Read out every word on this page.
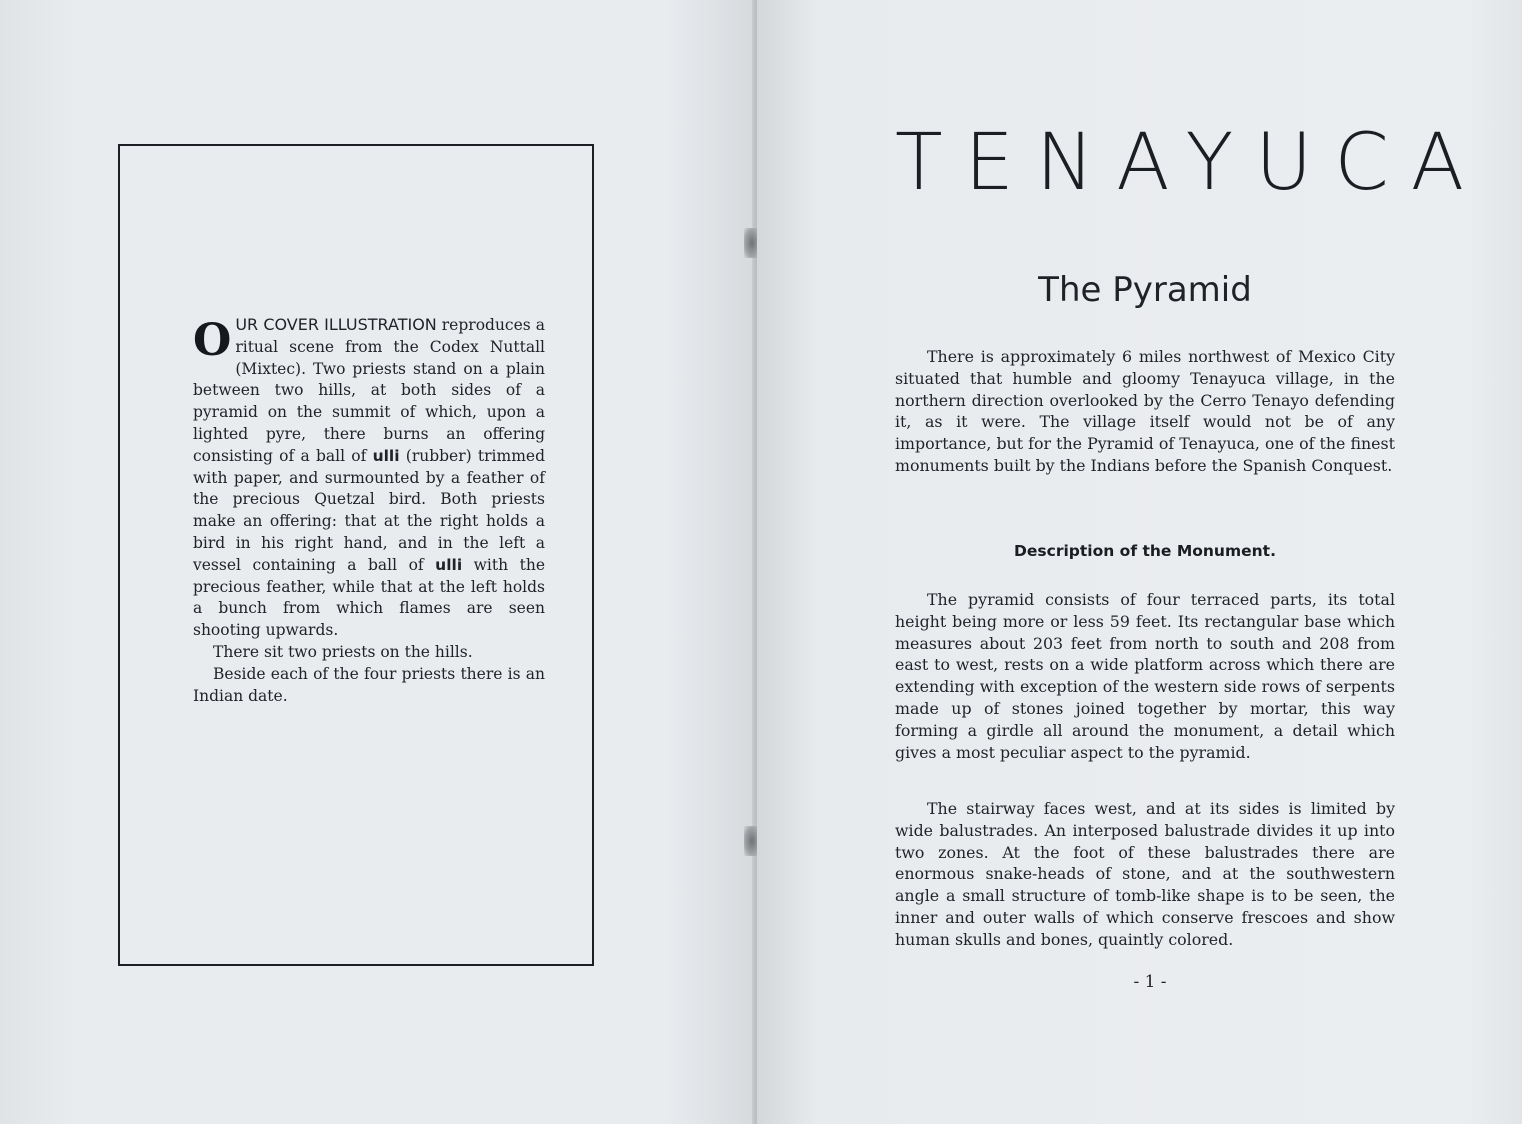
OUR COVER ILLUSTRATION reproduces a ritual scene from the Codex Nuttall (Mixtec). Two priests stand on a plain between two hills, at both sides of a pyramid on the summit of which, upon a lighted pyre, there burns an offering consisting of a ball of ulli (rubber) trimmed with paper, and surmounted by a feather of the precious Quetzal bird. Both priests make an offering: that at the right holds a bird in his right hand, and in the left a vessel containing a ball of ulli with the precious feather, while that at the left holds a bunch from which flames are seen shooting upwards.

There sit two priests on the hills.

Beside each of the four priests there is an Indian date.

TENAYUCA
The Pyramid

There is approximately 6 miles northwest of Mexico City situated that humble and gloomy Tenayuca village, in the northern direction overlooked by the Cerro Tenayo defending it, as it were. The village itself would not be of any importance, but for the Pyramid of Tenayuca, one of the finest monuments built by the Indians before the Spanish Conquest.

Description of the Monument.

The pyramid consists of four terraced parts, its total height being more or less 59 feet. Its rectangular base which measures about 203 feet from north to south and 208 from east to west, rests on a wide platform across which there are extending with exception of the western side rows of serpents made up of stones joined together by mortar, this way forming a girdle all around the monument, a detail which gives a most peculiar aspect to the pyramid.

The stairway faces west, and at its sides is limited by wide balustrades. An interposed balustrade divides it up into two zones. At the foot of these balustrades there are enormous snake-heads of stone, and at the southwestern angle a small structure of tomb-like shape is to be seen, the inner and outer walls of which conserve frescoes and show human skulls and bones, quaintly colored.

- 1 -
